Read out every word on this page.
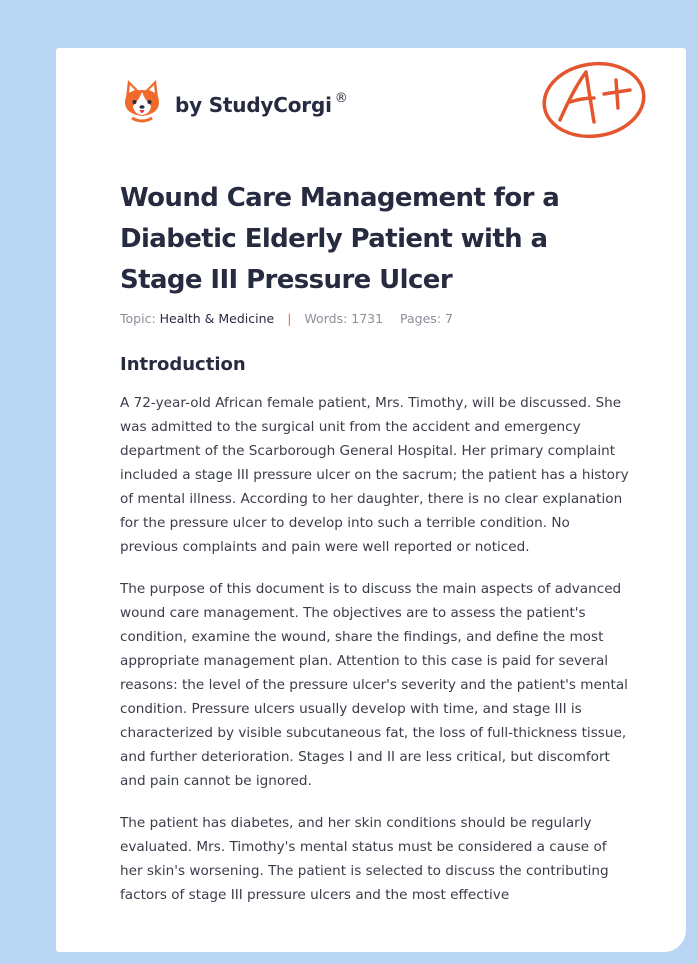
by StudyCorgi ®
Wound Care Management for a Diabetic Elderly Patient with a Stage III Pressure Ulcer
Topic: Health & Medicine | Words: 1731 Pages: 7
Introduction

A 72-year-old African female patient, Mrs. Timothy, will be discussed. She was admitted to the surgical unit from the accident and emergency department of the Scarborough General Hospital. Her primary complaint included a stage III pressure ulcer on the sacrum; the patient has a history of mental illness. According to her daughter, there is no clear explanation for the pressure ulcer to develop into such a terrible condition. No previous complaints and pain were well reported or noticed.

The purpose of this document is to discuss the main aspects of advanced wound care management. The objectives are to assess the patient's condition, examine the wound, share the findings, and define the most appropriate management plan. Attention to this case is paid for several reasons: the level of the pressure ulcer's severity and the patient's mental condition. Pressure ulcers usually develop with time, and stage III is characterized by visible subcutaneous fat, the loss of full-thickness tissue, and further deterioration. Stages I and II are less critical, but discomfort and pain cannot be ignored.

The patient has diabetes, and her skin conditions should be regularly evaluated. Mrs. Timothy's mental status must be considered a cause of her skin's worsening. The patient is selected to discuss the contributing factors of stage III pressure ulcers and the most effective
